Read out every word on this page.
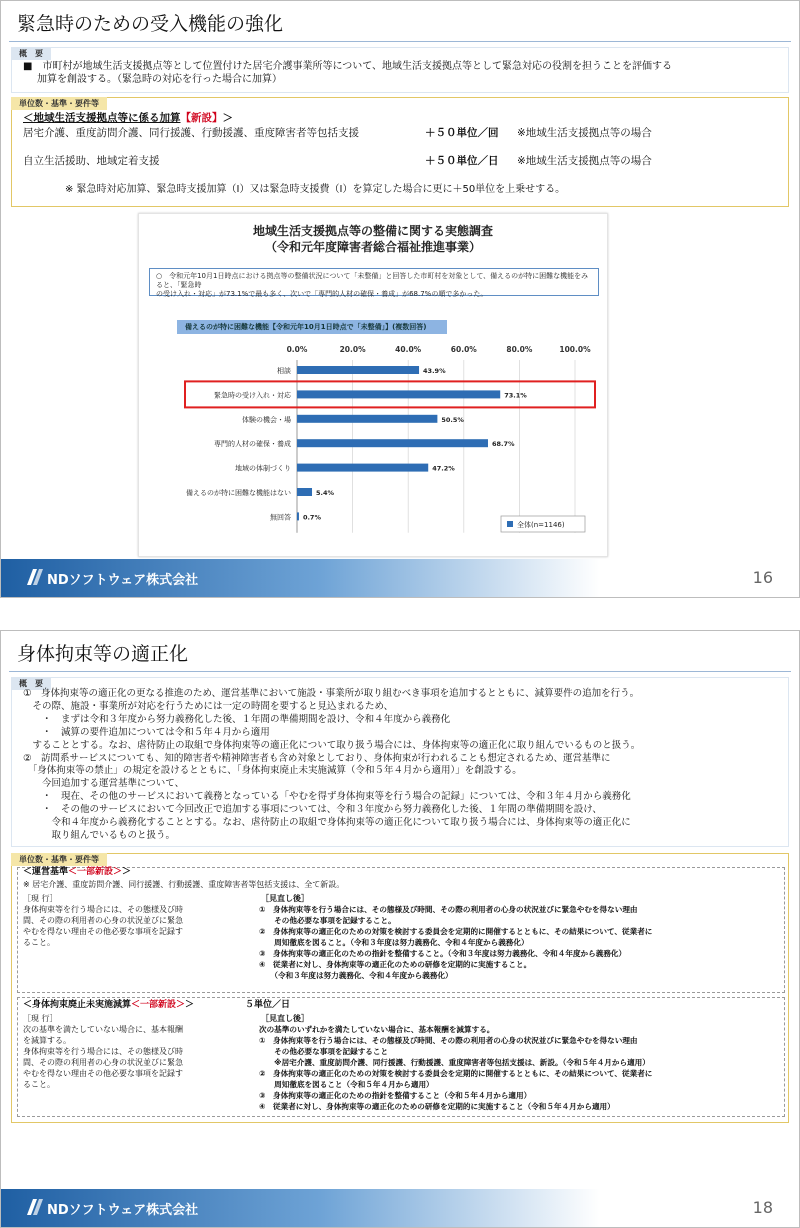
緊急時のための受入機能の強化
概　要
■　市町村が地域生活支援拠点等として位置付けた居宅介護事業所等について、地域生活支援拠点等として緊急対応の役割を担うことを評価する
加算を創設する。（緊急時の対応を行った場合に加算）
単位数・基準・要件等
＜地域生活支援拠点等に係る加算【新設】＞
居宅介護、重度訪問介護、同行援護、行動援護、重度障害者等包括支援	＋５０単位／回 ※地域生活支援拠点等の場合
自立生活援助、地域定着支援	＋５０単位／日 ※地域生活支援拠点等の場合
※ 緊急時対応加算、緊急時支援加算（Ⅰ）又は緊急時支援費（Ⅰ）を算定した場合に更に＋50単位を上乗せする。
地域生活支援拠点等の整備に関する実態調査
（令和元年度障害者総合福祉推進事業）
○　令和元年10月1日時点における拠点等の整備状況について「未整備」と回答した市町村を対象として、備えるのが特に困難な機能をみると、「緊急時
の受け入れ・対応」が73.1%で最も多く、次いで「専門的人材の確保・養成」が68.7%の順で多かった。
備えるのが特に困難な機能【令和元年10月1日時点で「未整備」】(複数回答)
0.0%	20.0%	40.0%	60.0%	80.0%	100.0%
相談	43.9%
緊急時の受け入れ・対応	73.1%
体験の機会・場	50.5%
専門的人材の確保・養成	68.7%
地域の体制づくり	47.2%
備えるのが特に困難な機能はない	5.4%
無回答 0.7%
全体(n=1146)
NDソフトウェア株式会社	16
身体拘束等の適正化
概　要
①　身体拘束等の適正化の更なる推進のため、運営基準において施設・事業所が取り組むべき事項を追加するとともに、減算要件の追加を行う。
　その際、施設・事業所が対応を行うためには一定の時間を要すると見込まれるため、
　　・　まずは令和３年度から努力義務化した後、１年間の準備期間を設け、令和４年度から義務化
　　・　減算の要件追加については令和５年４月から適用
　することとする。なお、虐待防止の取組で身体拘束等の適正化について取り扱う場合には、身体拘束等の適正化に取り組んでいるものと扱う。
②　訪問系サービスについても、知的障害者や精神障害者も含め対象としており、身体拘束が行われることも想定されるため、運営基準に
　「身体拘束等の禁止」の規定を設けるとともに、「身体拘束廃止未実施減算（令和５年４月から適用）」を創設する。
　　今回追加する運営基準について、
　　・　現在、その他のサービスにおいて義務となっている「やむを得ず身体拘束等を行う場合の記録」については、令和３年４月から義務化
　　・　その他のサービスにおいて今回改正で追加する事項については、令和３年度から努力義務化した後、１年間の準備期間を設け、
　　　令和４年度から義務化することとする。なお、虐待防止の取組で身体拘束等の適正化について取り扱う場合には、身体拘束等の適正化に
　　　取り組んでいるものと扱う。
単位数・基準・要件等
＜運営基準＜一部新設＞＞
※ 居宅介護、重度訪問介護、同行援護、行動援護、重度障害者等包括支援は、全て新設。
［現 行］
身体拘束等を行う場合には、その態様及び時
間、その際の利用者の心身の状況並びに緊急
やむを得ない理由その他必要な事項を記録す
ること。
［見直し後］
①　身体拘束等を行う場合には、その態様及び時間、その際の利用者の心身の状況並びに緊急やむを得ない理由
　　その他必要な事項を記録すること。
②　身体拘束等の適正化のための対策を検討する委員会を定期的に開催するとともに、その結果について、従業者に
　　周知徹底を図ること。（令和３年度は努力義務化、令和４年度から義務化）
③　身体拘束等の適正化のための指針を整備すること。（令和３年度は努力義務化、令和４年度から義務化）
④　従業者に対し、身体拘束等の適正化のための研修を定期的に実施すること。
　　（令和３年度は努力義務化、令和４年度から義務化）
＜身体拘束廃止未実施減算＜一部新設＞＞	５単位／日
［現 行］
次の基準を満たしていない場合に、基本報酬
を減算する。
身体拘束等を行う場合には、その態様及び時
間、その際の利用者の心身の状況並びに緊急
やむを得ない理由その他必要な事項を記録す
ること。
［見直し後］
次の基準のいずれかを満たしていない場合に、基本報酬を減算する。
①　身体拘束等を行う場合には、その態様及び時間、その際の利用者の心身の状況並びに緊急やむを得ない理由
　　その他必要な事項を記録すること
　　※居宅介護、重度訪問介護、同行援護、行動援護、重度障害者等包括支援は、新設。（令和５年４月から適用）
②　身体拘束等の適正化のための対策を検討する委員会を定期的に開催するとともに、その結果について、従業者に
　　周知徹底を図ること（令和５年４月から適用）
③　身体拘束等の適正化のための指針を整備すること（令和５年４月から適用）
④　従業者に対し、身体拘束等の適正化のための研修を定期的に実施すること（令和５年４月から適用）
NDソフトウェア株式会社	18
